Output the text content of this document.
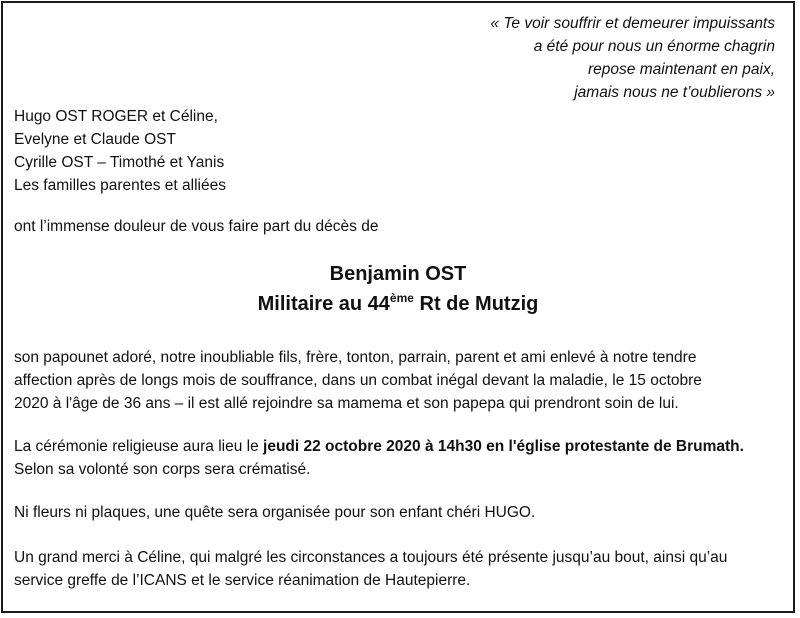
« Te voir souffrir et demeurer impuissants
a été pour nous un énorme chagrin
repose maintenant en paix,
jamais nous ne t’oublierons »
Hugo OST ROGER et Céline,
Evelyne et Claude OST
Cyrille OST – Timothé et Yanis
Les familles parentes et alliées
ont l’immense douleur de vous faire part du décès de
Benjamin OST
Militaire au 44ème Rt de Mutzig
son papounet adoré, notre inoubliable fils, frère, tonton, parrain, parent et ami enlevé à notre tendre
affection après de longs mois de souffrance, dans un combat inégal devant la maladie, le 15 octobre
2020 à l'âge de 36 ans – il est allé rejoindre sa mamema et son papepa qui prendront soin de lui.
La cérémonie religieuse aura lieu le jeudi 22 octobre 2020 à 14h30 en l'église protestante de Brumath.
Selon sa volonté son corps sera crématisé.
Ni fleurs ni plaques, une quête sera organisée pour son enfant chéri HUGO.
Un grand merci à Céline, qui malgré les circonstances a toujours été présente jusqu’au bout, ainsi qu’au
service greffe de l’ICANS et le service réanimation de Hautepierre.
